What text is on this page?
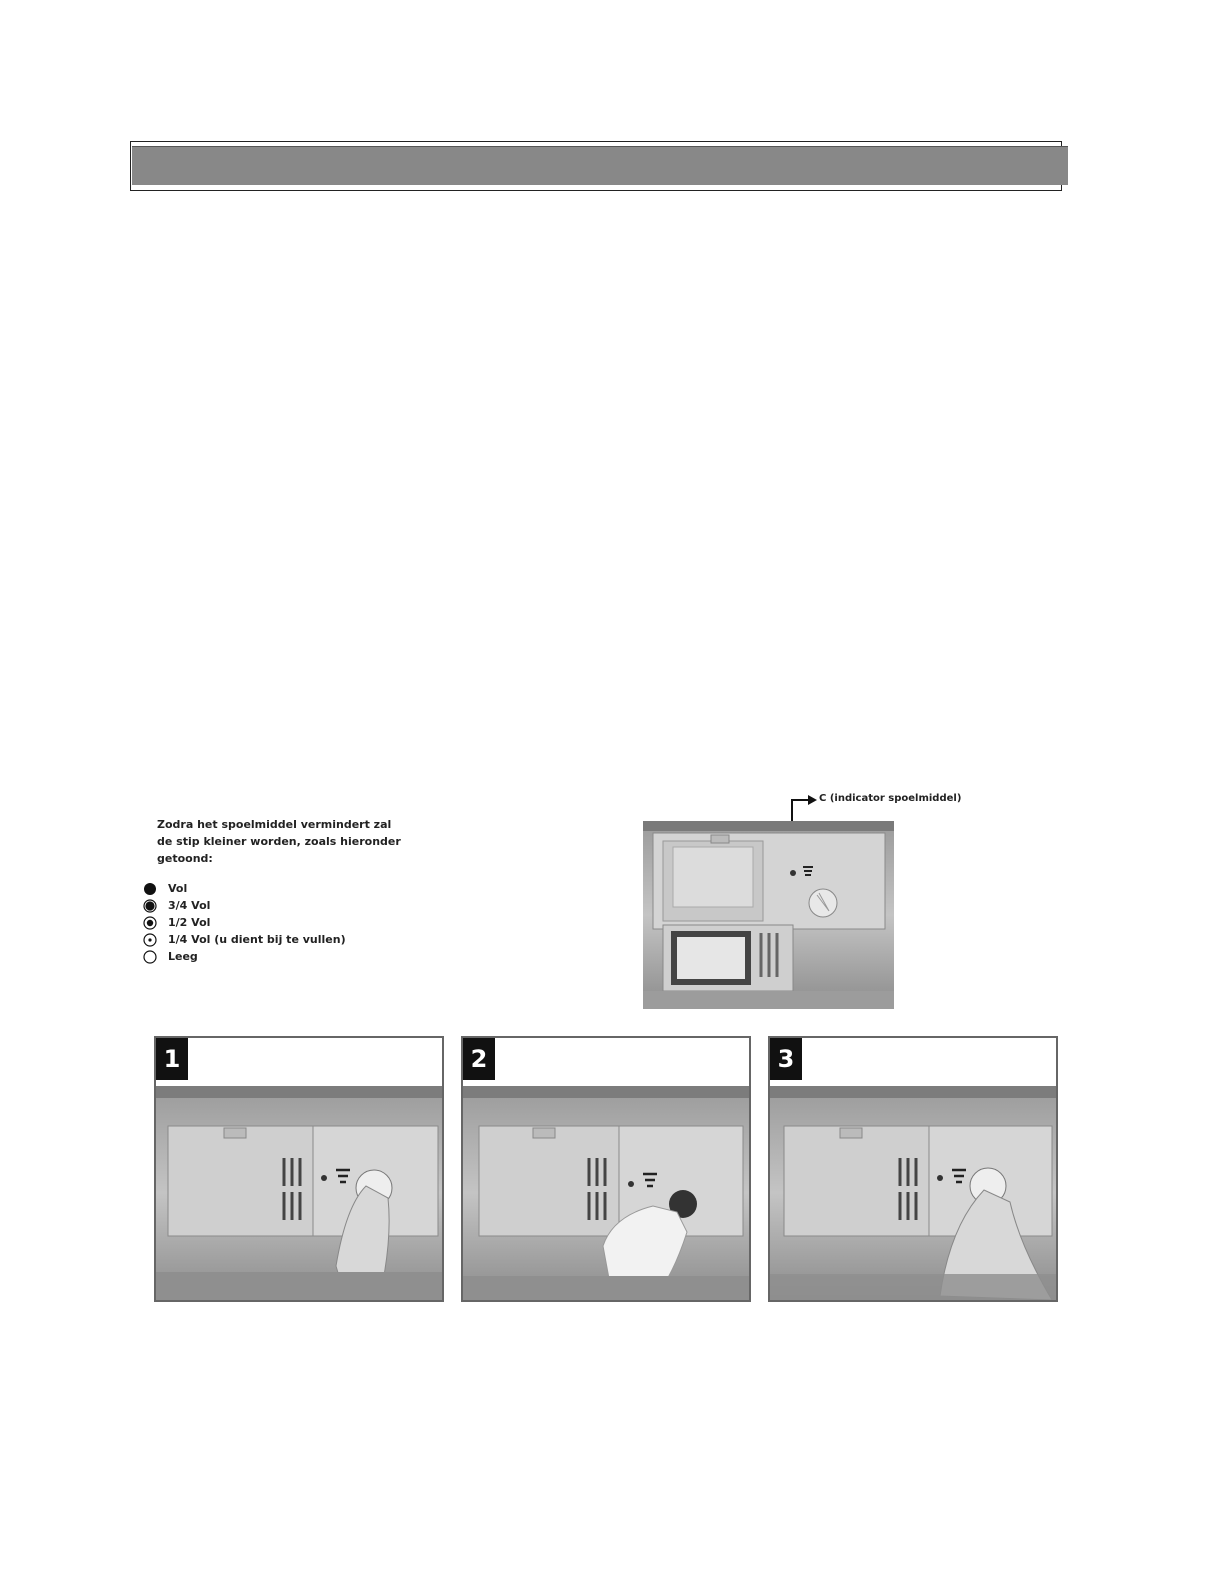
Zodra het spoelmiddel vermindert zal
de stip kleiner worden, zoals hieronder
getoond:
Vol
3/4 Vol
1/2 Vol
1/4 Vol (u dient bij te vullen)
Leeg
C (indicator spoelmiddel)
1	2	3
